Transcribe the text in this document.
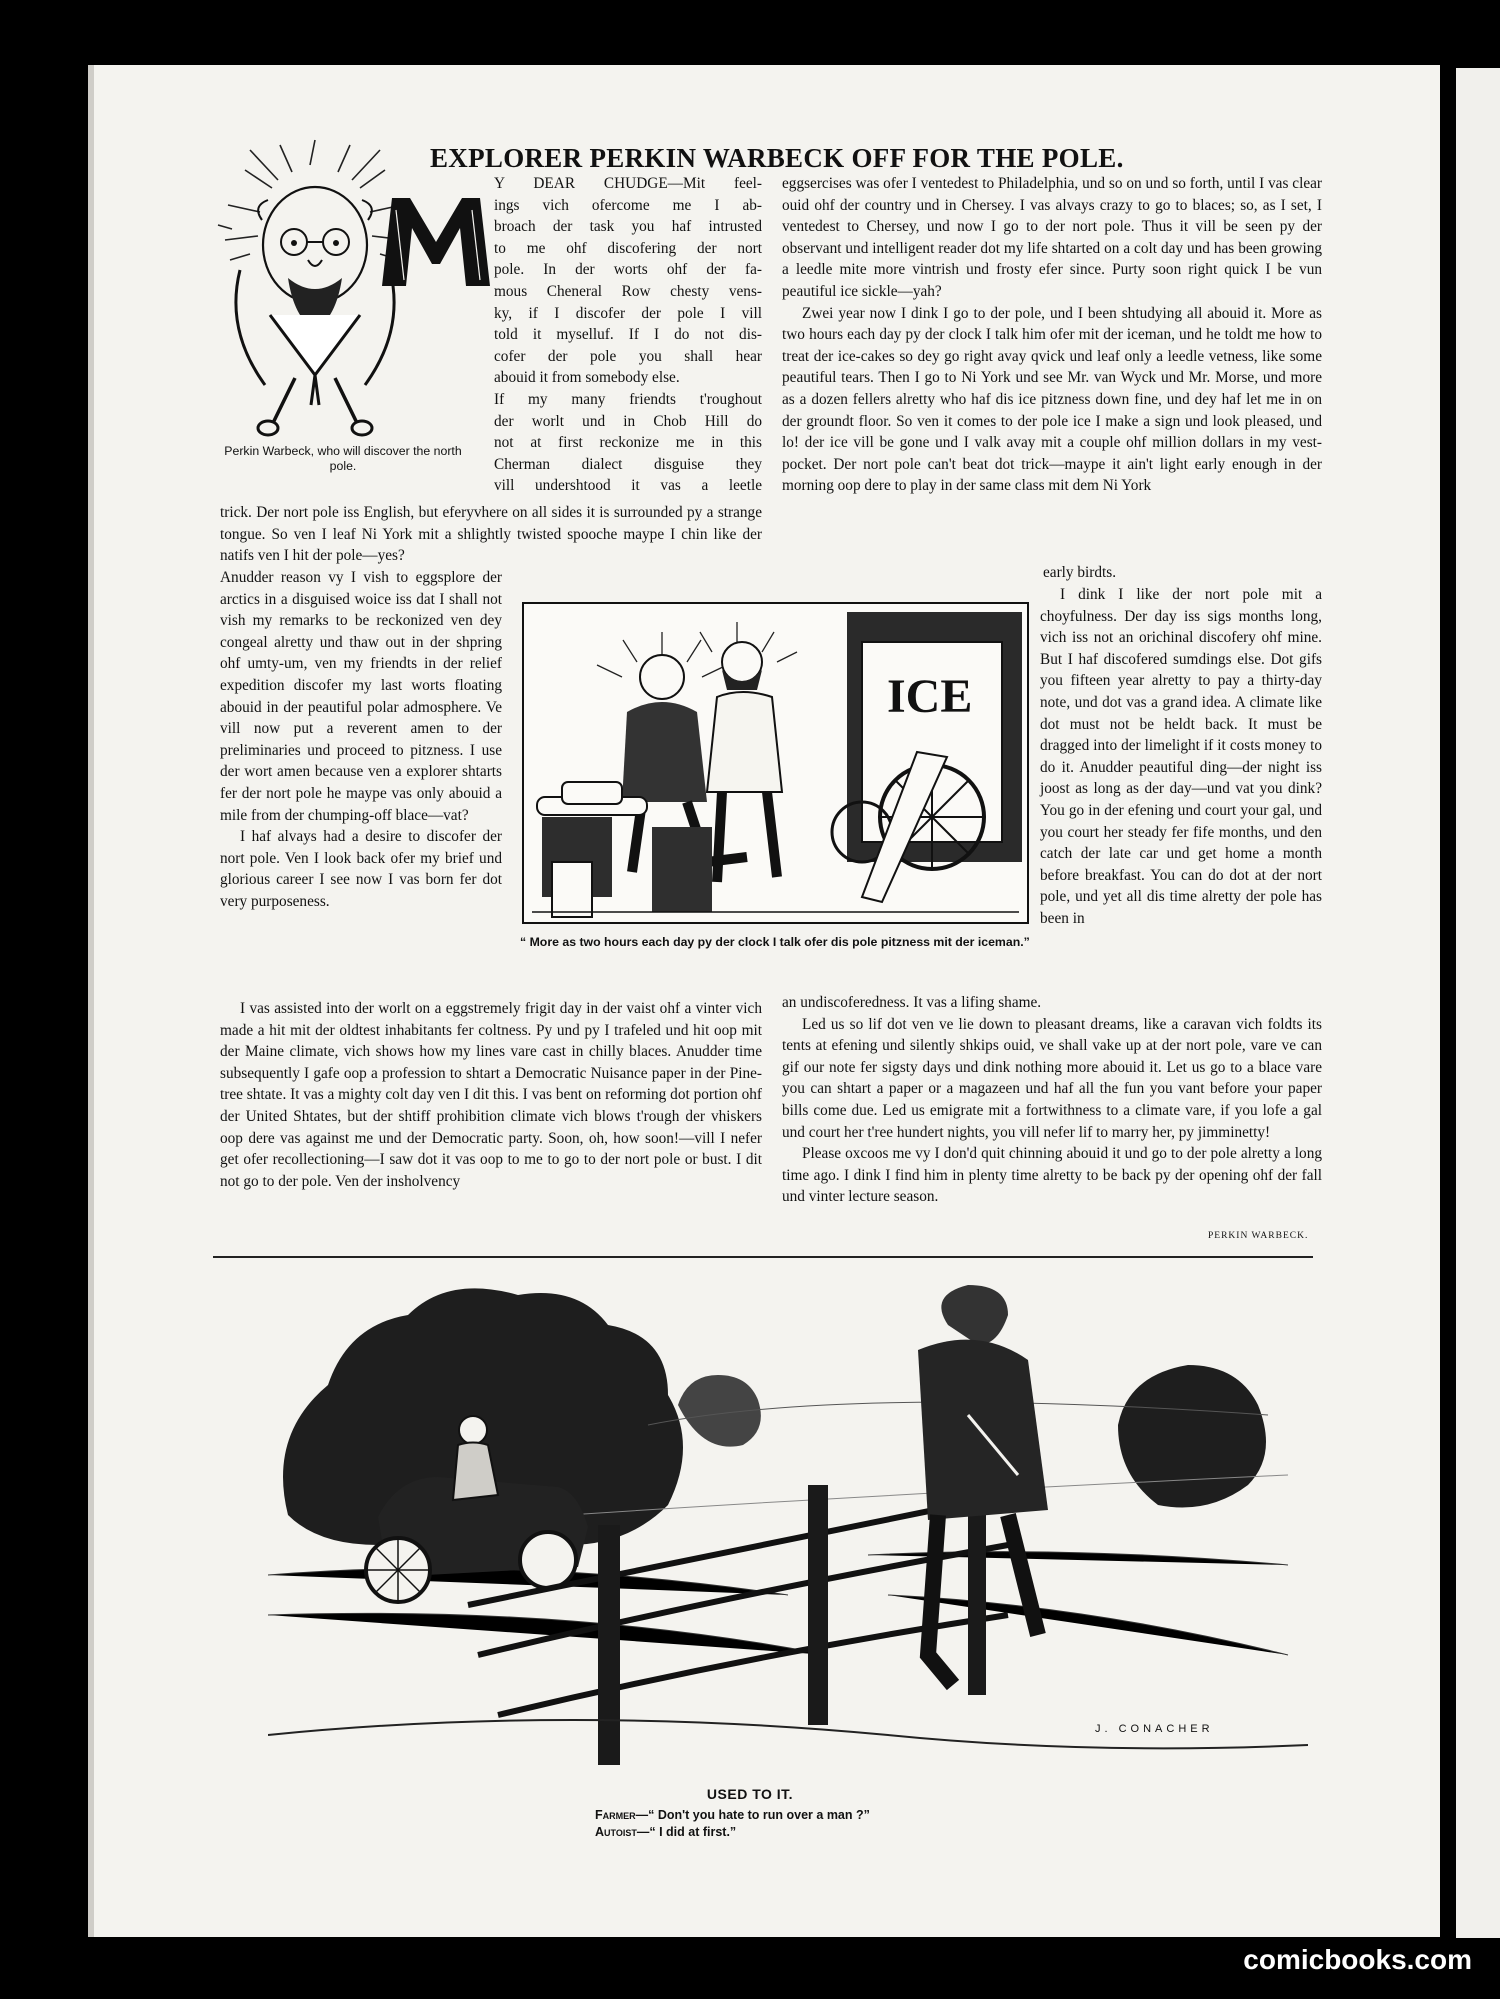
EXPLORER PERKIN WARBECK OFF FOR THE POLE.
Perkin Warbeck, who will discover the north pole.
Y DEAR CHUDGE—Mit feel-
ings vich ofercome me I ab-
broach der task you haf intrusted
to me ohf discofering der nort
pole. In der worts ohf der fa-
mous Cheneral Row chesty vens-
ky, if I discofer der pole I vill
told it myselluf. If I do not dis-
cofer der pole you shall hear
abouid it from somebody else.
If my many friendts t'roughout
der worlt und in Chob Hill do
not at first reckonize me in this
Cherman dialect disguise they
vill undershtood it vas a leetle

trick. Der nort pole iss English, but eferyvhere on all sides it is surrounded py a strange tongue. So ven I leaf Ni York mit a shlightly twisted spooche maype I chin like der natifs ven I hit der pole—yes?

Anudder reason vy I vish to eggsplore der arctics in a disguised woice iss dat I shall not vish my remarks to be reckonized ven dey congeal alretty und thaw out in der shpring ohf umty-um, ven my friendts in der relief expedition discofer my last worts floating abouid in der peautiful polar admosphere. Ve vill now put a reverent amen to der preliminaries und proceed to pitzness. I use der wort amen because ven a explorer shtarts fer der nort pole he maype vas only abouid a mile from der chumping-off blace—vat?

I haf alvays had a desire to discofer der nort pole. Ven I look back ofer my brief und glorious career I see now I vas born fer dot very purposeness.

I vas assisted into der worlt on a eggstremely frigit day in der vaist ohf a vinter vich made a hit mit der oldtest inhabitants fer coltness. Py und py I trafeled und hit oop mit der Maine climate, vich shows how my lines vare cast in chilly blaces. Anudder time subsequently I gafe oop a profession to shtart a Democratic Nuisance paper in der Pine-tree shtate. It vas a mighty colt day ven I dit this. I vas bent on reforming dot portion ohf der United Shtates, but der shtiff prohibition climate vich blows t'rough der vhiskers oop dere vas against me und der Democratic party. Soon, oh, how soon!—vill I nefer get ofer recollectioning—I saw dot it vas oop to me to go to der nort pole or bust. I dit not go to der pole. Ven der insholvency

eggsercises was ofer I ventedest to Philadelphia, und so on und so forth, until I vas clear ouid ohf der country und in Chersey. I vas alvays crazy to go to blaces; so, as I set, I ventedest to Chersey, und now I go to der nort pole. Thus it vill be seen py der observant und intelligent reader dot my life shtarted on a colt day und has been growing a leedle mite more vintrish und frosty efer since. Purty soon right quick I be vun peautiful ice sickle—yah?

Zwei year now I dink I go to der pole, und I been shtudying all abouid it. More as two hours each day py der clock I talk him ofer mit der iceman, und he toldt me how to treat der ice-cakes so dey go right avay qvick und leaf only a leedle vetness, like some peautiful tears. Then I go to Ni York und see Mr. van Wyck und Mr. Morse, und more as a dozen fellers alretty who haf dis ice pitzness down fine, und dey haf let me in on der groundt floor. So ven it comes to der pole ice I make a sign und look pleased, und lo! der ice vill be gone und I valk avay mit a couple ohf million dollars in my vest-pocket. Der nort pole can't beat dot trick—maype it ain't light early enough in der morning oop dere to play in der same class mit dem Ni York

early birdts.

I dink I like der nort pole mit a choyfulness. Der day iss sigs months long, vich iss not an orichinal discofery ohf mine. But I haf discofered sumdings else. Dot gifs you fifteen year alretty to pay a thirty-day note, und dot vas a grand idea. A climate like dot must not be heldt back. It must be dragged into der limelight if it costs money to do it. Anudder peautiful ding—der night iss joost as long as der day—und vat you dink? You go in der efening und court your gal, und you court her steady fer fife months, und den catch der late car und get home a month before breakfast. You can do dot at der nort pole, und yet all dis time alretty der pole has been in

an undiscoferedness. It vas a lifing shame.

Led us so lif dot ven ve lie down to pleasant dreams, like a caravan vich foldts its tents at efening und silently shkips ouid, ve shall vake up at der nort pole, vare ve can gif our note fer sigsty days und dink nothing more abouid it. Let us go to a blace vare you can shtart a paper or a magazeen und haf all the fun you vant before your paper bills come due. Led us emigrate mit a fortwithness to a climate vare, if you lofe a gal und court her t'ree hundert nights, you vill nefer lif to marry her, py jimminetty!

Please oxcoos me vy I don'd quit chinning abouid it und go to der pole alretty a long time ago. I dink I find him in plenty time alretty to be back py der opening ohf der fall und vinter lecture season.

ICE
“ More as two hours each day py der clock I talk ofer dis pole pitzness mit der iceman.”
PERKIN WARBECK.
J. CONACHER
USED TO IT.
Farmer—“ Don't you hate to run over a man ?”
Autoist—“ I did at first.”
comicbooks.com
